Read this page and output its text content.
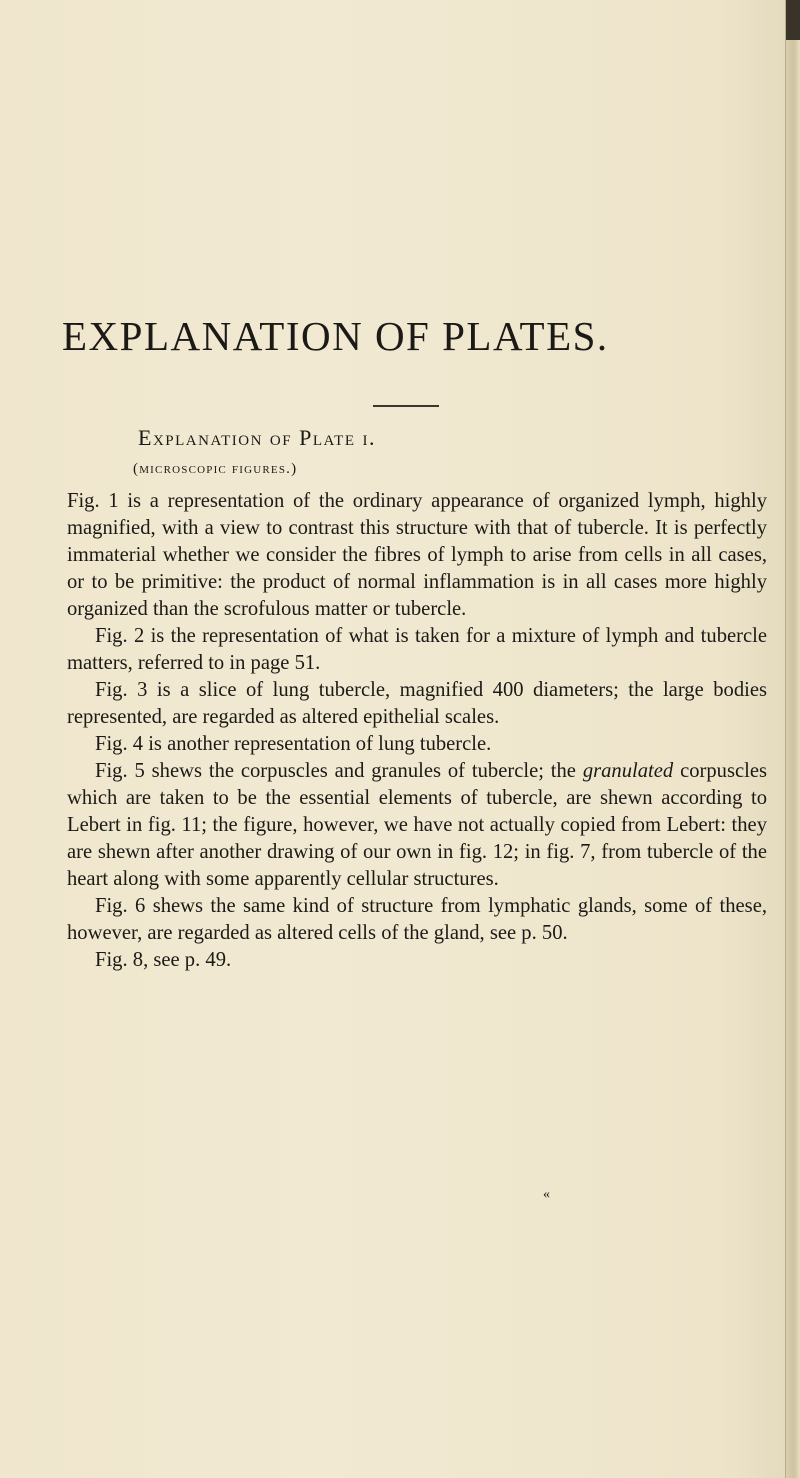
EXPLANATION OF PLATES.
Explanation of Plate i.
(microscopic figures.)

Fig. 1 is a representation of the ordinary appearance of organized lymph, highly magnified, with a view to contrast this structure with that of tubercle. It is perfectly immaterial whether we consider the fibres of lymph to arise from cells in all cases, or to be primitive: the product of normal inflammation is in all cases more highly organized than the scrofulous matter or tubercle.

Fig. 2 is the representation of what is taken for a mixture of lymph and tubercle matters, referred to in page 51.

Fig. 3 is a slice of lung tubercle, magnified 400 diameters; the large bodies represented, are regarded as altered epithelial scales.

Fig. 4 is another representation of lung tubercle.

Fig. 5 shews the corpuscles and granules of tubercle; the granulated corpuscles which are taken to be the essential elements of tubercle, are shewn according to Lebert in fig. 11; the figure, however, we have not actually copied from Lebert: they are shewn after another drawing of our own in fig. 12; in fig. 7, from tubercle of the heart along with some apparently cellular structures.

Fig. 6 shews the same kind of structure from lymphatic glands, some of these, however, are regarded as altered cells of the gland, see p. 50.

Fig. 8, see p. 49.

«
